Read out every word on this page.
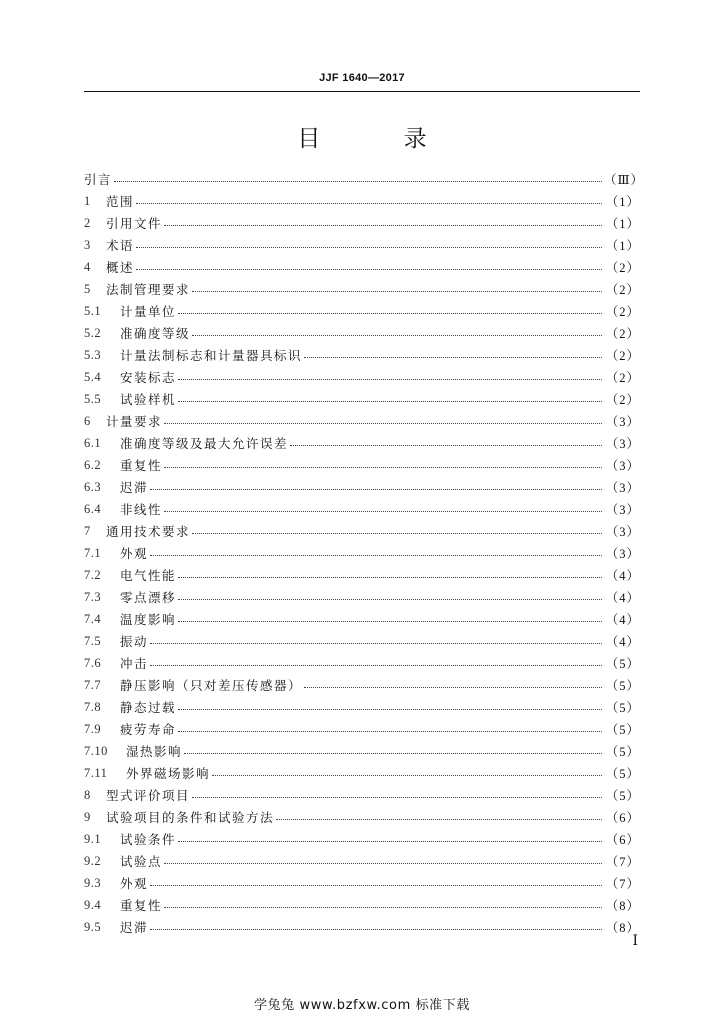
JJF 1640—2017
目 录
引言	（Ⅲ）
1	范围	（1）
2	引用文件	（1）
3	术语	（1）
4	概述	（2）
5	法制管理要求	（2）
5.1	计量单位	（2）
5.2	准确度等级	（2）
5.3	计量法制标志和计量器具标识	（2）
5.4	安装标志	（2）
5.5	试验样机	（2）
6	计量要求	（3）
6.1	准确度等级及最大允许误差	（3）
6.2	重复性	（3）
6.3	迟滞	（3）
6.4	非线性	（3）
7	通用技术要求	（3）
7.1	外观	（3）
7.2	电气性能	（4）
7.3	零点漂移	（4）
7.4	温度影响	（4）
7.5	振动	（4）
7.6	冲击	（5）
7.7	静压影响（只对差压传感器）	（5）
7.8	静态过载	（5）
7.9	疲劳寿命	（5）
7.10	湿热影响	（5）
7.11	外界磁场影响	（5）
8	型式评价项目	（5）
9	试验项目的条件和试验方法	（6）
9.1	试验条件	（6）
9.2	试验点	（7）
9.3	外观	（7）
9.4	重复性	（8）
9.5	迟滞	（8）
Ⅰ
学兔兔 www.bzfxw.com 标准下载
